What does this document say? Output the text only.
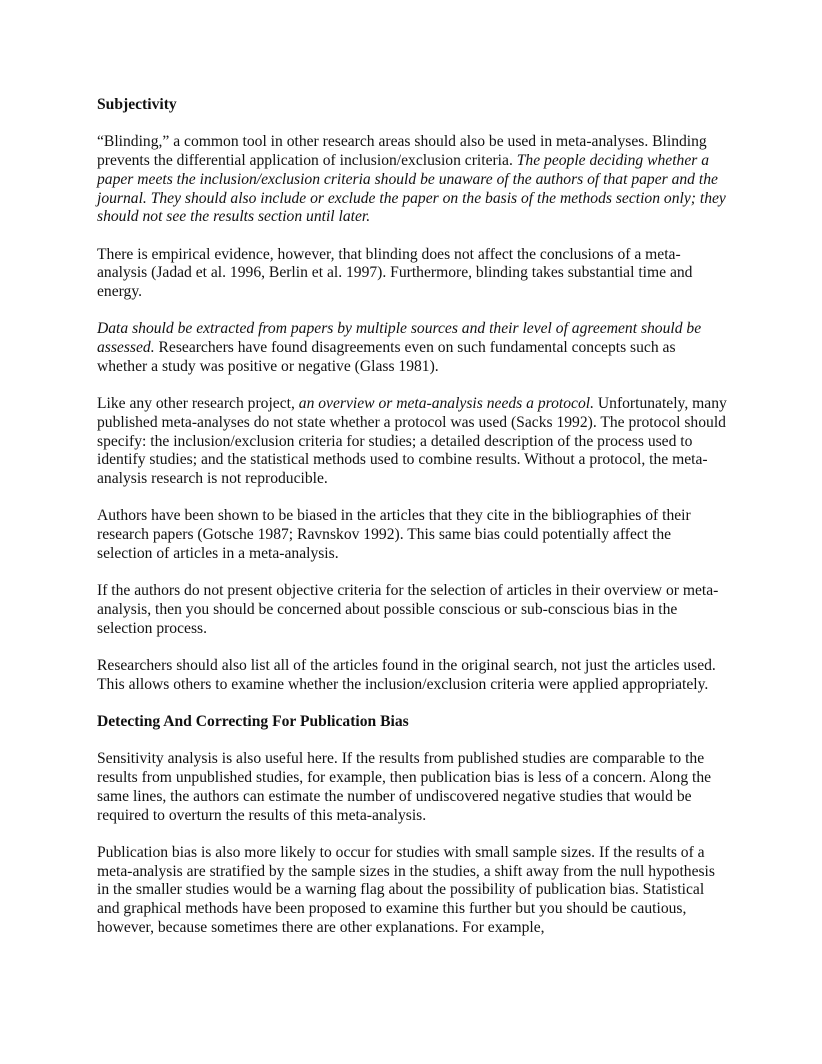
Subjectivity

“Blinding,” a common tool in other research areas should also be used in meta-analyses. Blinding prevents the differential application of inclusion/exclusion criteria. The people deciding whether a paper meets the inclusion/exclusion criteria should be unaware of the authors of that paper and the journal. They should also include or exclude the paper on the basis of the methods section only; they should not see the results section until later.

There is empirical evidence, however, that blinding does not affect the conclusions of a meta-analysis (Jadad et al. 1996, Berlin et al. 1997). Furthermore, blinding takes substantial time and energy.

Data should be extracted from papers by multiple sources and their level of agreement should be assessed. Researchers have found disagreements even on such fundamental concepts such as whether a study was positive or negative (Glass 1981).

Like any other research project, an overview or meta-analysis needs a protocol. Unfortunately, many published meta-analyses do not state whether a protocol was used (Sacks 1992). The protocol should specify: the inclusion/exclusion criteria for studies; a detailed description of the process used to identify studies; and the statistical methods used to combine results. Without a protocol, the meta-analysis research is not reproducible.

Authors have been shown to be biased in the articles that they cite in the bibliographies of their research papers (Gotsche 1987; Ravnskov 1992). This same bias could potentially affect the selection of articles in a meta-analysis.

If the authors do not present objective criteria for the selection of articles in their overview or meta-analysis, then you should be concerned about possible conscious or sub-conscious bias in the selection process.

Researchers should also list all of the articles found in the original search, not just the articles used. This allows others to examine whether the inclusion/exclusion criteria were applied appropriately.

Detecting And Correcting For Publication Bias

Sensitivity analysis is also useful here. If the results from published studies are comparable to the results from unpublished studies, for example, then publication bias is less of a concern. Along the same lines, the authors can estimate the number of undiscovered negative studies that would be required to overturn the results of this meta-analysis.

Publication bias is also more likely to occur for studies with small sample sizes. If the results of a meta-analysis are stratified by the sample sizes in the studies, a shift away from the null hypothesis in the smaller studies would be a warning flag about the possibility of publication bias. Statistical and graphical methods have been proposed to examine this further but you should be cautious, however, because sometimes there are other explanations. For example,
